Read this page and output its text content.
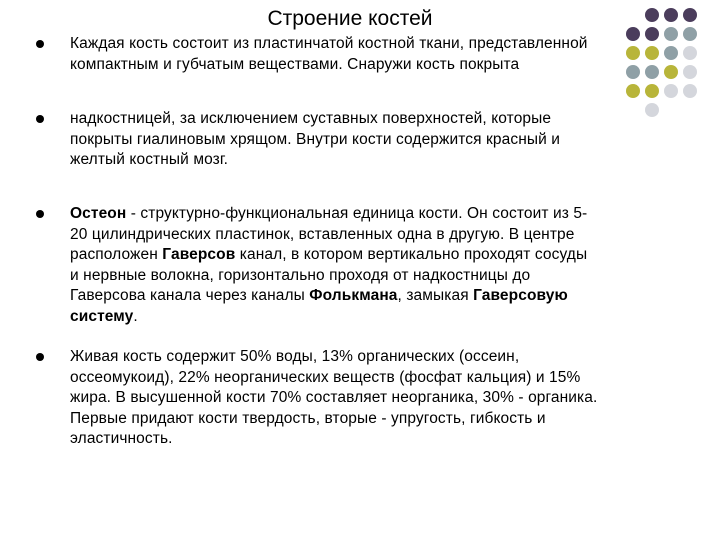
Строение костей
Каждая кость состоит из пластинчатой костной ткани, представленной
компактным и губчатым веществами. Снаружи кость покрыта
надкостницей, за исключением суставных поверхностей, которые
покрыты гиалиновым хрящом. Внутри кости содержится красный и
желтый костный мозг.
Остеон - структурно-функциональная единица кости. Он состоит из 5-
20 цилиндрических пластинок, вставленных одна в другую. В центре
расположен Гаверсов канал, в котором вертикально проходят сосуды
и нервные волокна, горизонтально проходя от надкостницы до
Гаверсова канала через каналы Фолькмана, замыкая Гаверсовую
систему.
Живая кость содержит 50% воды, 13% органических (оссеин,
оссеомукоид), 22% неорганических веществ (фосфат кальция) и 15%
жира. В высушенной кости 70% составляет неорганика, 30% - органика.
Первые придают кости твердость, вторые - упругость, гибкость и
эластичность.
